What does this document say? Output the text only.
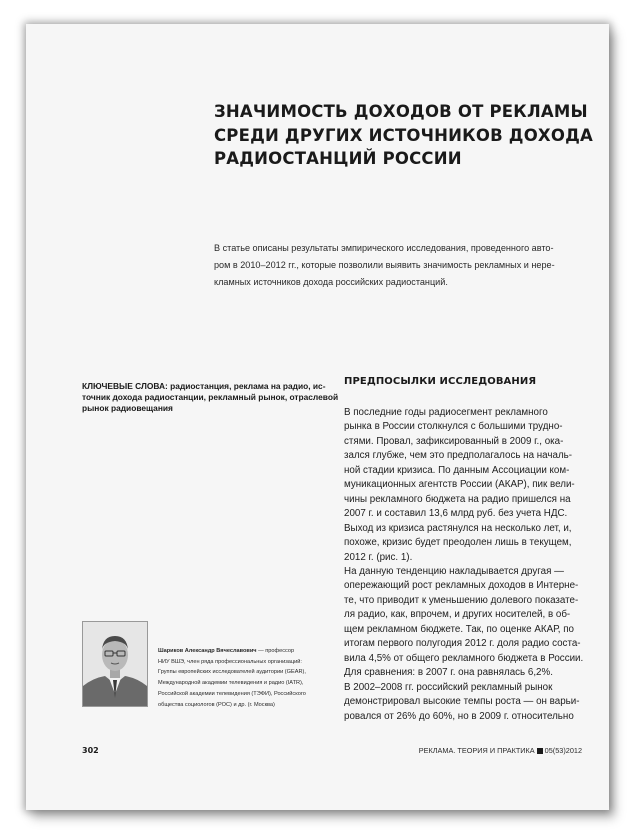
ЗНАЧИМОСТЬ ДОХОДОВ ОТ РЕКЛАМЫ
СРЕДИ ДРУГИХ ИСТОЧНИКОВ ДОХОДА
РАДИОСТАНЦИЙ РОССИИ
В статье описаны результаты эмпирического исследования, проведенного авто-
ром в 2010–2012 гг., которые позволили выявить значимость рекламных и нере-
кламных источников дохода российских радиостанций.
КЛЮЧЕВЫЕ СЛОВА: радиостанция, реклама на радио, ис-
точник дохода радиостанции, рекламный рынок, отраслевой
рынок радиовещания
ПРЕДПОСЫЛКИ ИССЛЕДОВАНИЯ
В последние годы радиосегмент рекламного
рынка в России столкнулся с большими трудно-
стями. Провал, зафиксированный в 2009 г., ока-
зался глубже, чем это предполагалось на началь-
ной стадии кризиса. По данным Ассоциации ком-
муникационных агентств России (АКАР), пик вели-
чины рекламного бюджета на радио пришелся на
2007 г. и составил 13,6 млрд руб. без учета НДС.
Выход из кризиса растянулся на несколько лет, и,
похоже, кризис будет преодолен лишь в текущем,
2012 г. (рис. 1).
На данную тенденцию накладывается другая —
опережающий рост рекламных доходов в Интерне-
те, что приводит к уменьшению долевого показате-
ля радио, как, впрочем, и других носителей, в об-
щем рекламном бюджете. Так, по оценке АКАР, по
итогам первого полугодия 2012 г. доля радио соста-
вила 4,5% от общего рекламного бюджета в России.
Для сравнения: в 2007 г. она равнялась 6,2%.
В 2002–2008 гг. российский рекламный рынок
демонстрировал высокие темпы роста — он варьи-
ровался от 26% до 60%, но в 2009 г. относительно
Шариков Александр Вячеславович — профессор
НИУ ВШЭ, член ряда профессиональных организаций:
Группы европейских исследователей аудитории (GEAR),
Международной академии телевидения и радио (IATR),
Российской академии телевидения (ТЭФИ), Российского
общества социологов (РОС) и др. (г. Москва)
302	РЕКЛАМА. ТЕОРИЯ И ПРАКТИКА 05(53)2012
